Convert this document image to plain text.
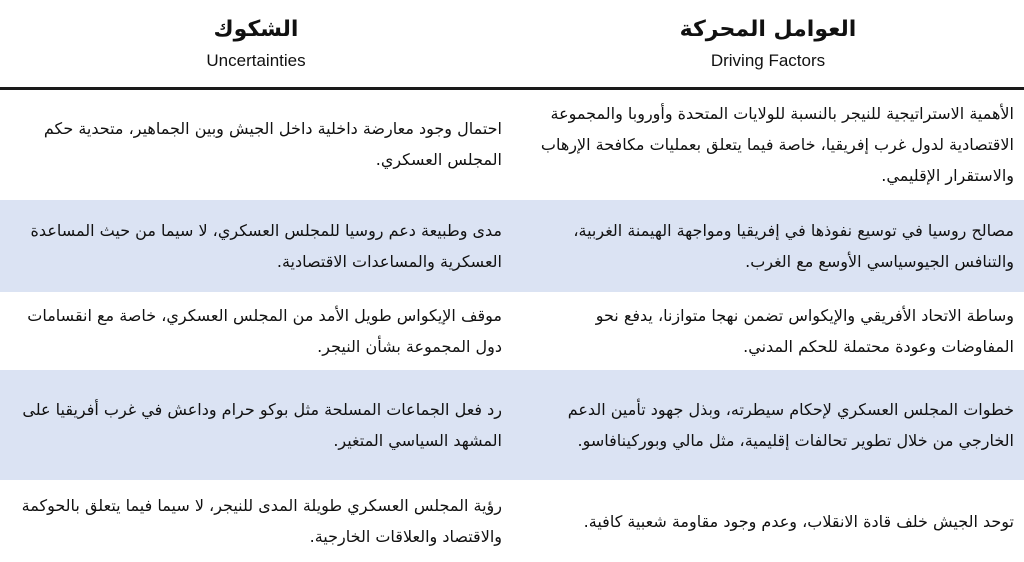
العوامل المحركة
Driving Factors
الشكوك
Uncertainties
الأهمية الاستراتيجية للنيجر بالنسبة للولايات المتحدة وأوروبا والمجموعة الاقتصادية لدول غرب إفريقيا، خاصة فيما يتعلق بعمليات مكافحة الإرهاب والاستقرار الإقليمي.
احتمال وجود معارضة داخلية داخل الجيش وبين الجماهير، متحدية حكم المجلس العسكري.
مصالح روسيا في توسيع نفوذها في إفريقيا ومواجهة الهيمنة الغربية، والتنافس الجيوسياسي الأوسع مع الغرب.
مدى وطبيعة دعم روسيا للمجلس العسكري، لا سيما من حيث المساعدة العسكرية والمساعدات الاقتصادية.
وساطة الاتحاد الأفريقي والإيكواس تضمن نهجا متوازنا، يدفع نحو المفاوضات وعودة محتملة للحكم المدني.
موقف الإيكواس طويل الأمد من المجلس العسكري، خاصة مع انقسامات دول المجموعة بشأن النيجر.
خطوات المجلس العسكري لإحكام سيطرته، وبذل جهود تأمين الدعم الخارجي من خلال تطوير تحالفات إقليمية، مثل مالي وبوركينافاسو.
رد فعل الجماعات المسلحة مثل بوكو حرام وداعش في غرب أفريقيا على المشهد السياسي المتغير.
توحد الجيش خلف قادة الانقلاب، وعدم وجود مقاومة شعبية كافية.
رؤية المجلس العسكري طويلة المدى للنيجر، لا سيما فيما يتعلق بالحوكمة والاقتصاد والعلاقات الخارجية.
